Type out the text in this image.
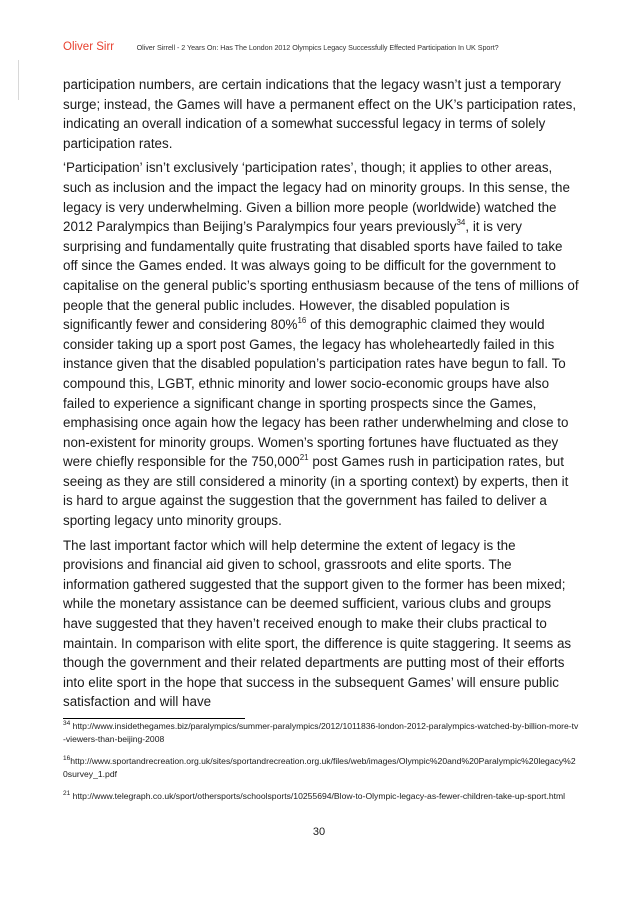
Oliver Sirr	Oliver Sirrell - 2 Years On: Has The London 2012 Olympics Legacy Successfully Effected Participation In UK Sport?

participation numbers, are certain indications that the legacy wasn’t just a temporary surge; instead, the Games will have a permanent effect on the UK’s participation rates, indicating an overall indication of a somewhat successful legacy in terms of solely participation rates.

‘Participation’ isn’t exclusively ‘participation rates’, though; it applies to other areas, such as inclusion and the impact the legacy had on minority groups. In this sense, the legacy is very underwhelming. Given a billion more people (worldwide) watched the 2012 Paralympics than Beijing’s Paralympics four years previously$^{34}$, it is very surprising and fundamentally quite frustrating that disabled sports have failed to take off since the Games ended. It was always going to be difficult for the government to capitalise on the general public’s sporting enthusiasm because of the tens of millions of people that the general public includes. However, the disabled population is significantly fewer and considering 80%$^{16}$ of this demographic claimed they would consider taking up a sport post Games, the legacy has wholeheartedly failed in this instance given that the disabled population’s participation rates have begun to fall. To compound this, LGBT, ethnic minority and lower socio-economic groups have also failed to experience a significant change in sporting prospects since the Games, emphasising once again how the legacy has been rather underwhelming and close to non-existent for minority groups. Women’s sporting fortunes have fluctuated as they were chiefly responsible for the 750,000$^{21}$ post Games rush in participation rates, but seeing as they are still considered a minority (in a sporting context) by experts, then it is hard to argue against the suggestion that the government has failed to deliver a sporting legacy unto minority groups.

The last important factor which will help determine the extent of legacy is the provisions and financial aid given to school, grassroots and elite sports. The information gathered suggested that the support given to the former has been mixed; while the monetary assistance can be deemed sufficient, various clubs and groups have suggested that they haven’t received enough to make their clubs practical to maintain. In comparison with elite sport, the difference is quite staggering. It seems as though the government and their related departments are putting most of their efforts into elite sport in the hope that success in the subsequent Games’ will ensure public satisfaction and will have

$^{34}$ http://www.insidethegames.biz/paralympics/summer-paralympics/2012/1011836-london-2012-paralympics-watched-by-billion-more-tv-viewers-than-beijing-2008
$^{16}$http://www.sportandrecreation.org.uk/sites/sportandrecreation.org.uk/files/web/images/Olympic%20and%20Paralympic%20legacy%20survey_1.pdf
$^{21}$ http://www.telegraph.co.uk/sport/othersports/schoolsports/10255694/Blow-to-Olympic-legacy-as-fewer-children-take-up-sport.html
30
